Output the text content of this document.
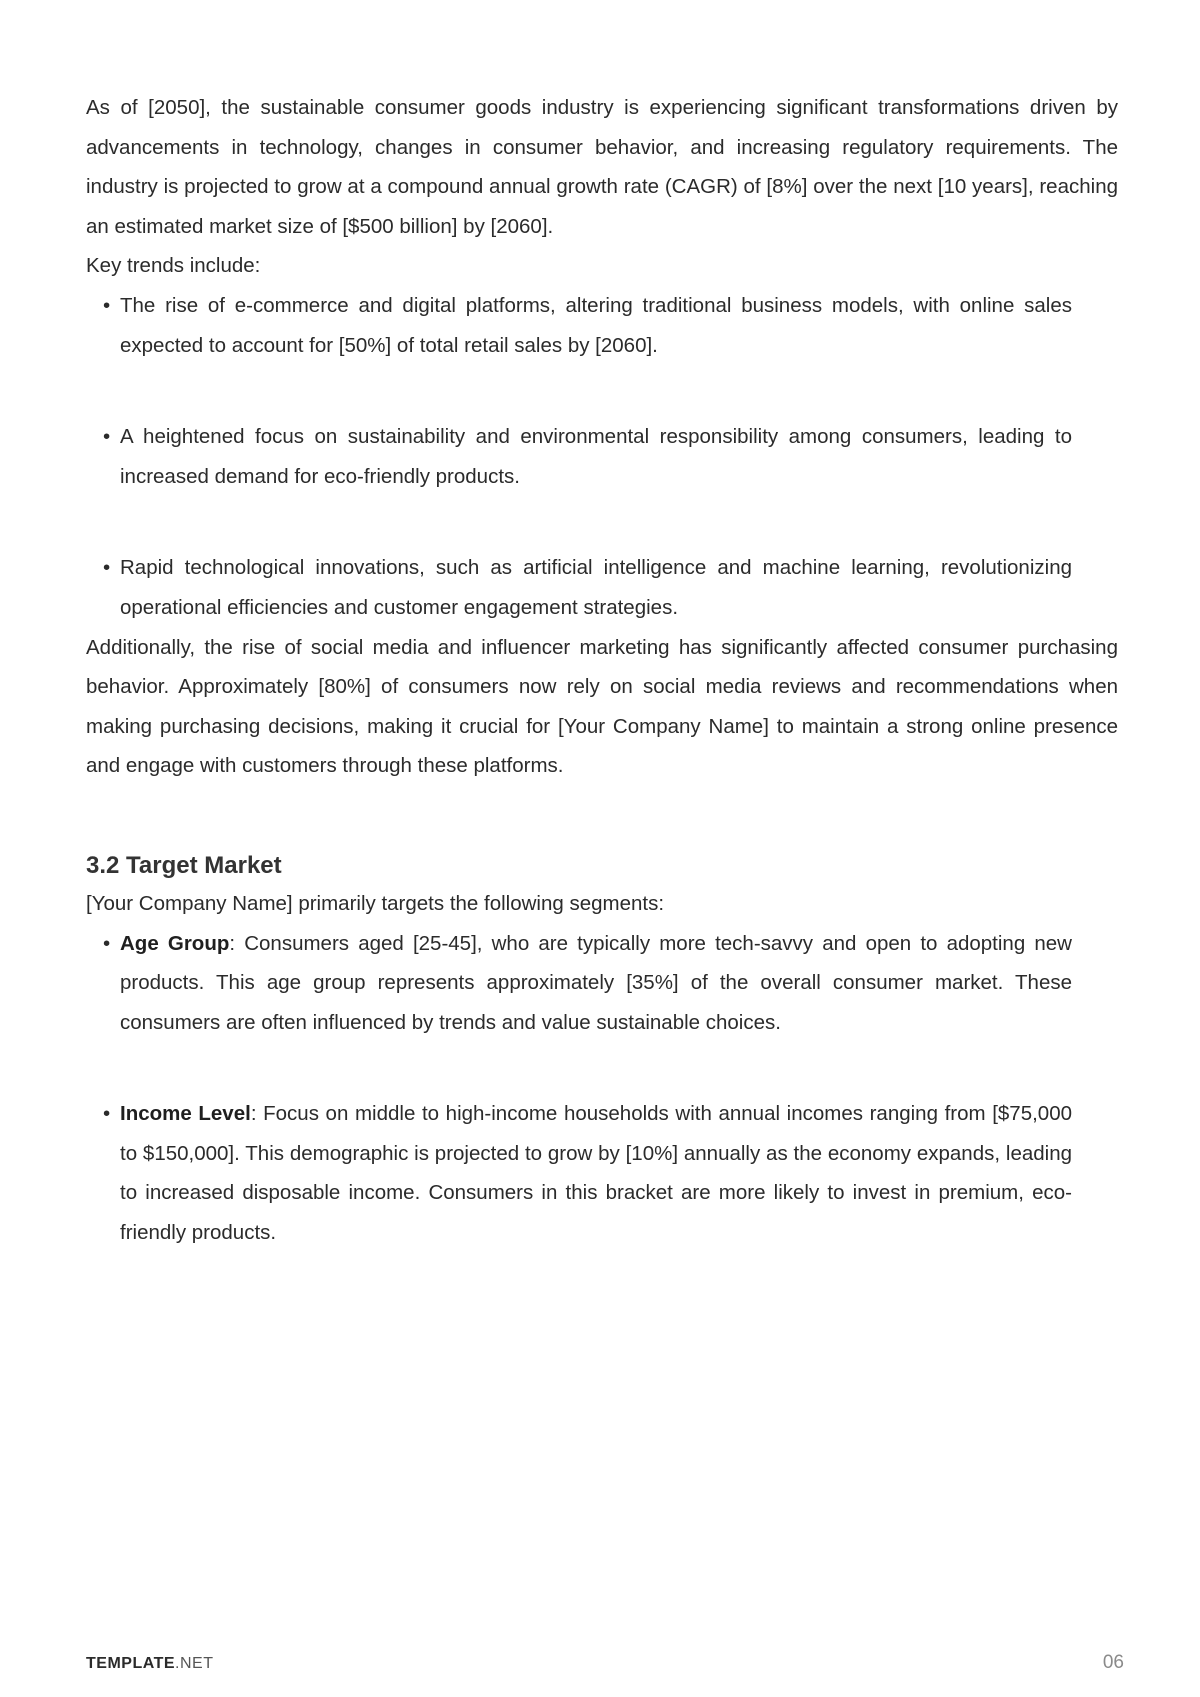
As of [2050], the sustainable consumer goods industry is experiencing significant transformations driven by advancements in technology, changes in consumer behavior, and increasing regulatory requirements. The industry is projected to grow at a compound annual growth rate (CAGR) of [8%] over the next [10 years], reaching an estimated market size of [$500 billion] by [2060].

Key trends include:

• The rise of e-commerce and digital platforms, altering traditional business models, with online sales expected to account for [50%] of total retail sales by [2060].
• A heightened focus on sustainability and environmental responsibility among consumers, leading to increased demand for eco-friendly products.
• Rapid technological innovations, such as artificial intelligence and machine learning, revolutionizing operational efficiencies and customer engagement strategies.

Additionally, the rise of social media and influencer marketing has significantly affected consumer purchasing behavior. Approximately [80%] of consumers now rely on social media reviews and recommendations when making purchasing decisions, making it crucial for [Your Company Name] to maintain a strong online presence and engage with customers through these platforms.

3.2 Target Market

[Your Company Name] primarily targets the following segments:

• Age Group: Consumers aged [25-45], who are typically more tech-savvy and open to adopting new products. This age group represents approximately [35%] of the overall consumer market. These consumers are often influenced by trends and value sustainable choices.
• Income Level: Focus on middle to high-income households with annual incomes ranging from [$75,000 to $150,000]. This demographic is projected to grow by [10%] annually as the economy expands, leading to increased disposable income. Consumers in this bracket are more likely to invest in premium, eco-friendly products.
TEMPLATE.NET	06
